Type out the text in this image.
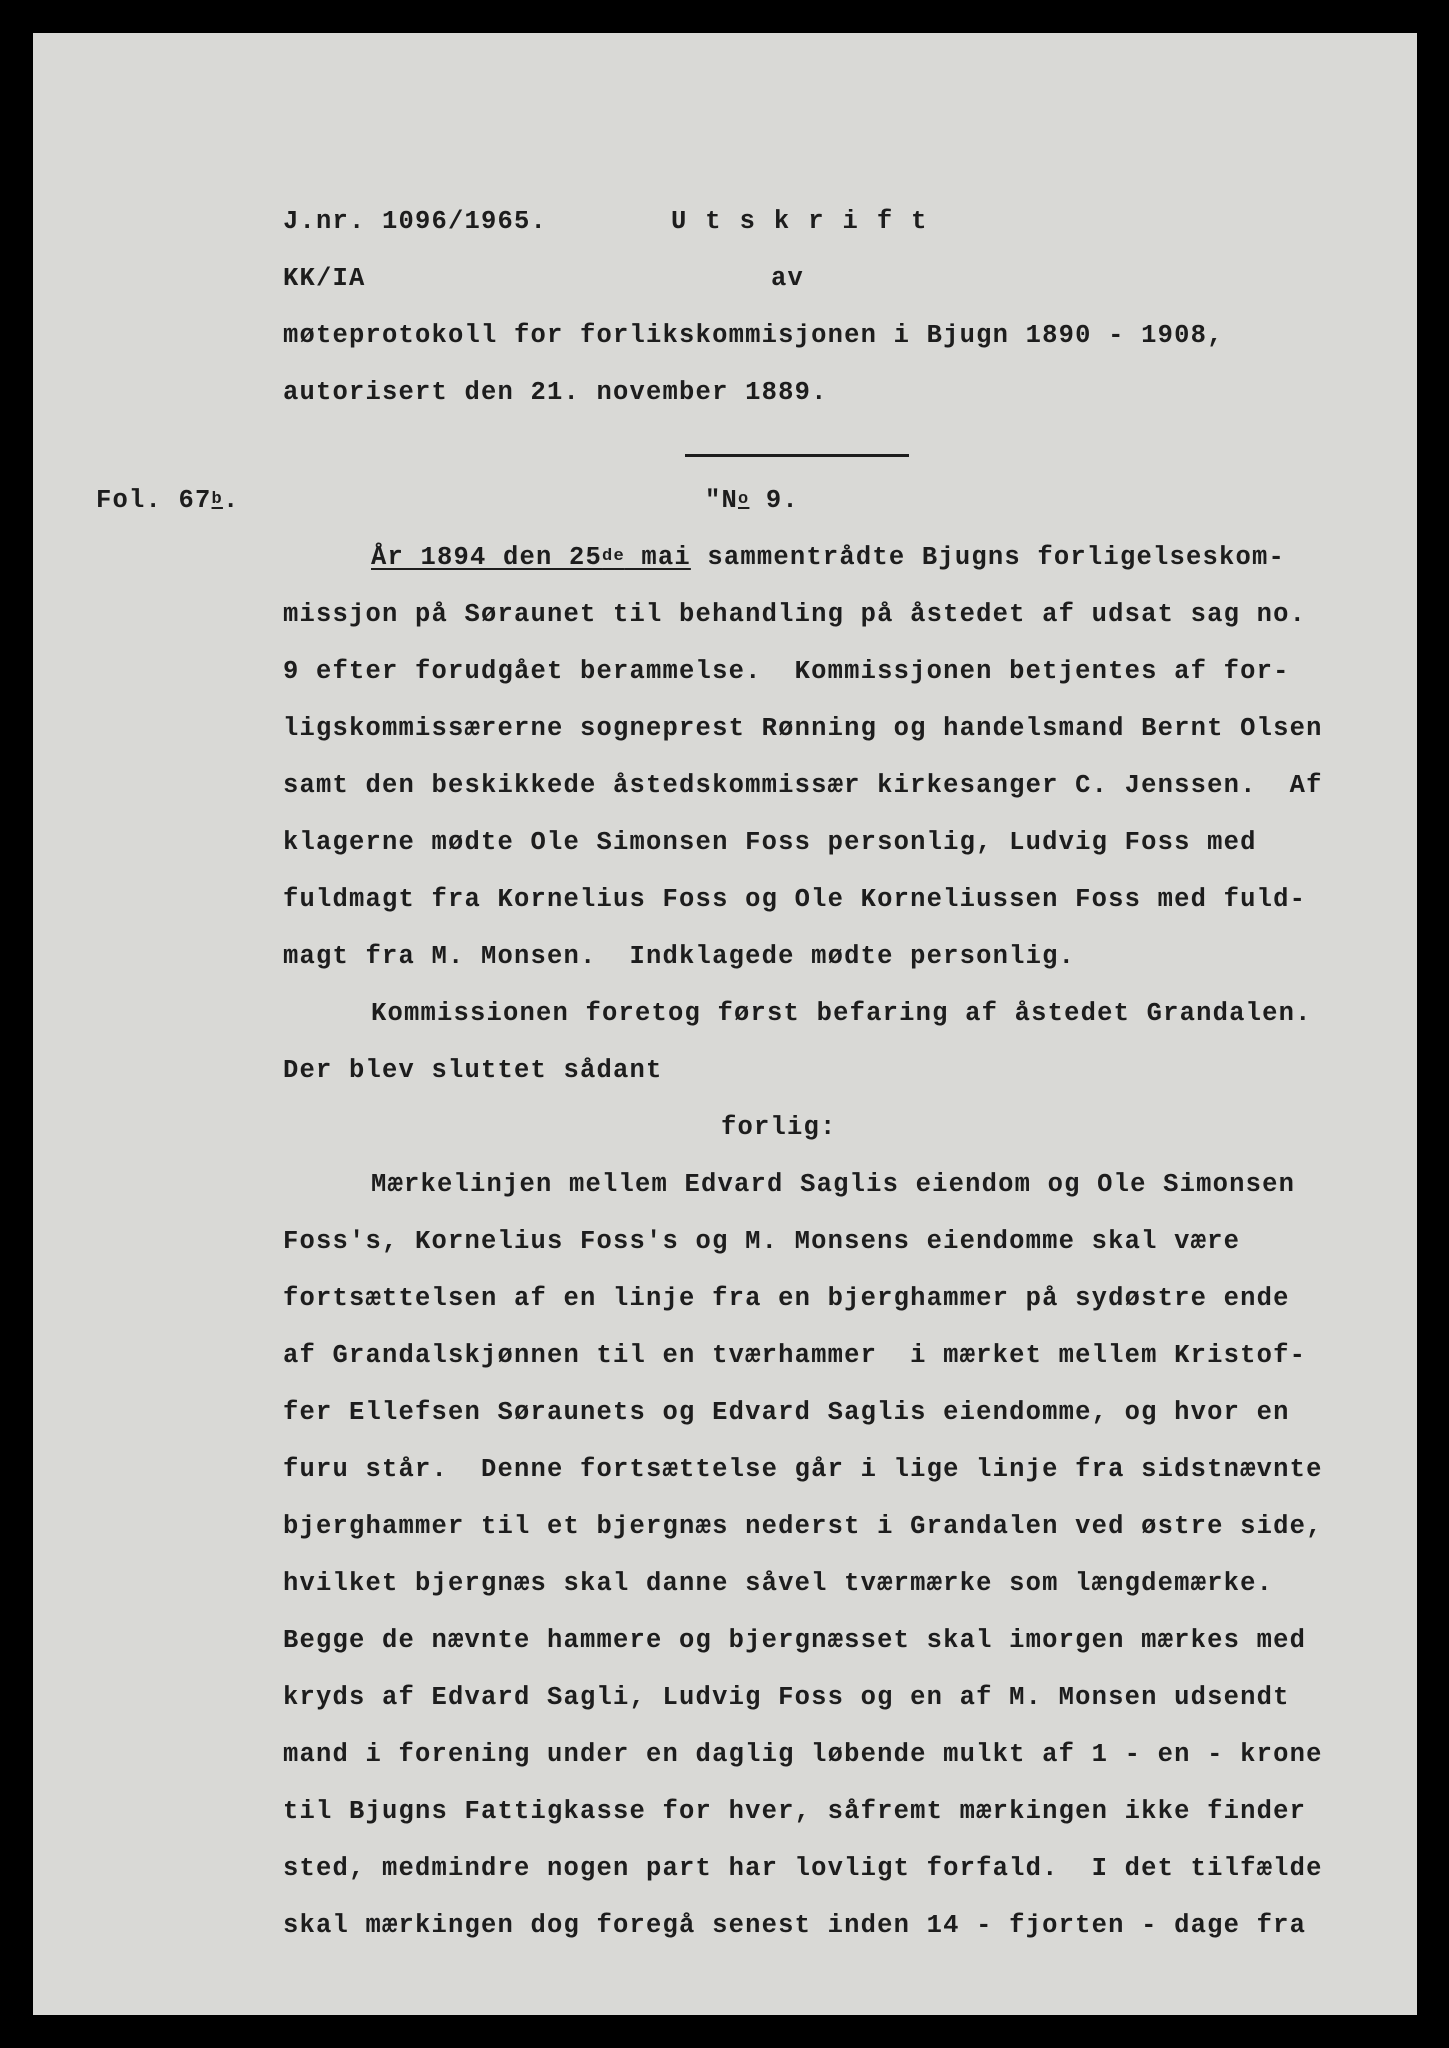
J.nr. 1096/1965.	Utskrift
KK/IA	av
møteprotokoll for forlikskommisjonen i Bjugn 1890 - 1908,
autorisert den 21. november 1889.
Fol. 67$^b$.	"$N^o$ 9.
År 1894 den 25de mai sammentrådte Bjugns forligelseskom-
missjon på Søraunet til behandling på åstedet af udsat sag no.
9 efter forudgået berammelse.  Kommissjonen betjentes af for-
ligskommissærerne sogneprest Rønning og handelsmand Bernt Olsen
samt den beskikkede åstedskommissær kirkesanger C. Jenssen.  Af
klagerne mødte Ole Simonsen Foss personlig, Ludvig Foss med
fuldmagt fra Kornelius Foss og Ole Korneliussen Foss med fuld-
magt fra M. Monsen.  Indklagede mødte personlig.
Kommissionen foretog først befaring af åstedet Grandalen.
Der blev sluttet sådant
forlig:
Mærkelinjen mellem Edvard Saglis eiendom og Ole Simonsen
Foss's, Kornelius Foss's og M. Monsens eiendomme skal være
fortsættelsen af en linje fra en bjerghammer på sydøstre ende
af Grandalskjønnen til en tværhammer  i mærket mellem Kristof-
fer Ellefsen Søraunets og Edvard Saglis eiendomme, og hvor en
furu står.  Denne fortsættelse går i lige linje fra sidstnævnte
bjerghammer til et bjergnæs nederst i Grandalen ved østre side,
hvilket bjergnæs skal danne såvel tværmærke som længdemærke.
Begge de nævnte hammere og bjergnæsset skal imorgen mærkes med
kryds af Edvard Sagli, Ludvig Foss og en af M. Monsen udsendt
mand i forening under en daglig løbende mulkt af 1 - en - krone
til Bjugns Fattigkasse for hver, såfremt mærkingen ikke finder
sted, medmindre nogen part har lovligt forfald.  I det tilfælde
skal mærkingen dog foregå senest inden 14 - fjorten - dage fra
